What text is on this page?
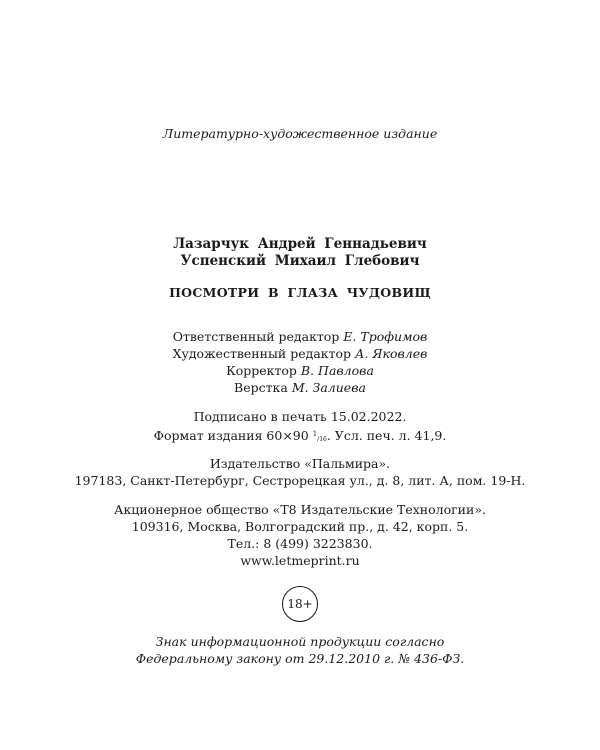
Литературно-художественное издание
Лазарчук Андрей Геннадьевич
Успенский Михаил Глебович
ПОСМОТРИ В ГЛАЗА ЧУДОВИЩ
Ответственный редактор Е. Трофимов
Художественный редактор А. Яковлев
Корректор В. Павлова
Верстка М. Залиева
Подписано в печать 15.02.2022.
Формат издания 60×90 $^1$/16. Усл. печ. л. 41,9.
Издательство «Пальмира».
197183, Санкт-Петербург, Сестрорецкая ул., д. 8, лит. А, пом. 19-Н.
Акционерное общество «Т8 Издательские Технологии».
109316, Москва, Волгоградский пр., д. 42, корп. 5.
Тел.: 8 (499) 3223830.
www.letmeprint.ru
18+
Знак информационной продукции согласно
Федеральному закону от 29.12.2010 г. № 436-ФЗ.
